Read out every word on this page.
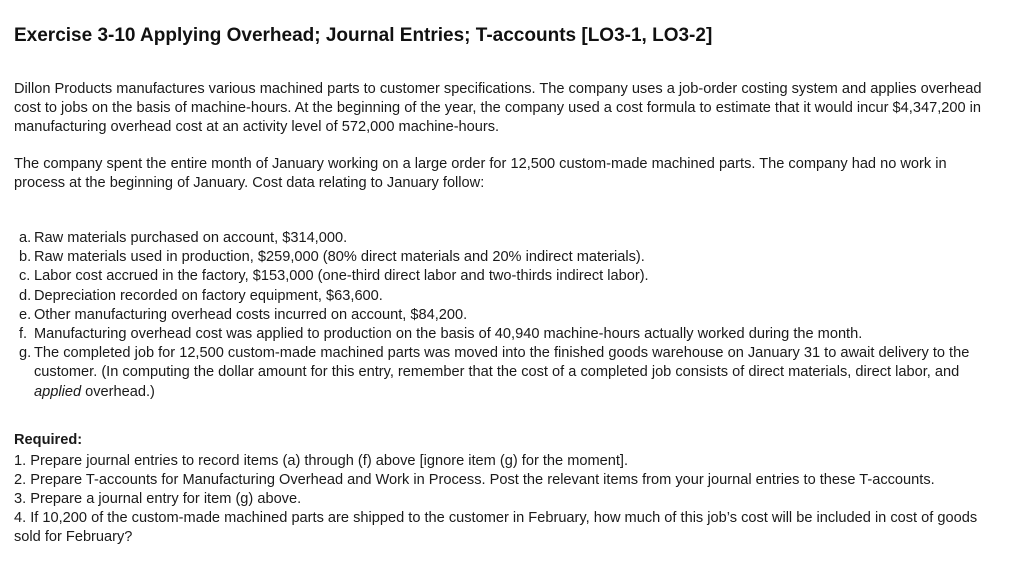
Exercise 3-10 Applying Overhead; Journal Entries; T-accounts [LO3-1, LO3-2]
Dillon Products manufactures various machined parts to customer specifications. The company uses a job-order costing system and applies overhead cost to jobs on the basis of machine-hours. At the beginning of the year, the company used a cost formula to estimate that it would incur $4,347,200 in manufacturing overhead cost at an activity level of 572,000 machine-hours.
The company spent the entire month of January working on a large order for 12,500 custom-made machined parts. The company had no work in process at the beginning of January. Cost data relating to January follow:
a. Raw materials purchased on account, $314,000.
b. Raw materials used in production, $259,000 (80% direct materials and 20% indirect materials).
c. Labor cost accrued in the factory, $153,000 (one-third direct labor and two-thirds indirect labor).
d. Depreciation recorded on factory equipment, $63,600.
e. Other manufacturing overhead costs incurred on account, $84,200.
f. Manufacturing overhead cost was applied to production on the basis of 40,940 machine-hours actually worked during the month.
g. The completed job for 12,500 custom-made machined parts was moved into the finished goods warehouse on January 31 to await delivery to the customer. (In computing the dollar amount for this entry, remember that the cost of a completed job consists of direct materials, direct labor, and applied overhead.)
Required:

1. Prepare journal entries to record items (a) through (f) above [ignore item (g) for the moment].

2. Prepare T-accounts for Manufacturing Overhead and Work in Process. Post the relevant items from your journal entries to these T-accounts.

3. Prepare a journal entry for item (g) above.

4. If 10,200 of the custom-made machined parts are shipped to the customer in February, how much of this job’s cost will be included in cost of goods sold for February?
